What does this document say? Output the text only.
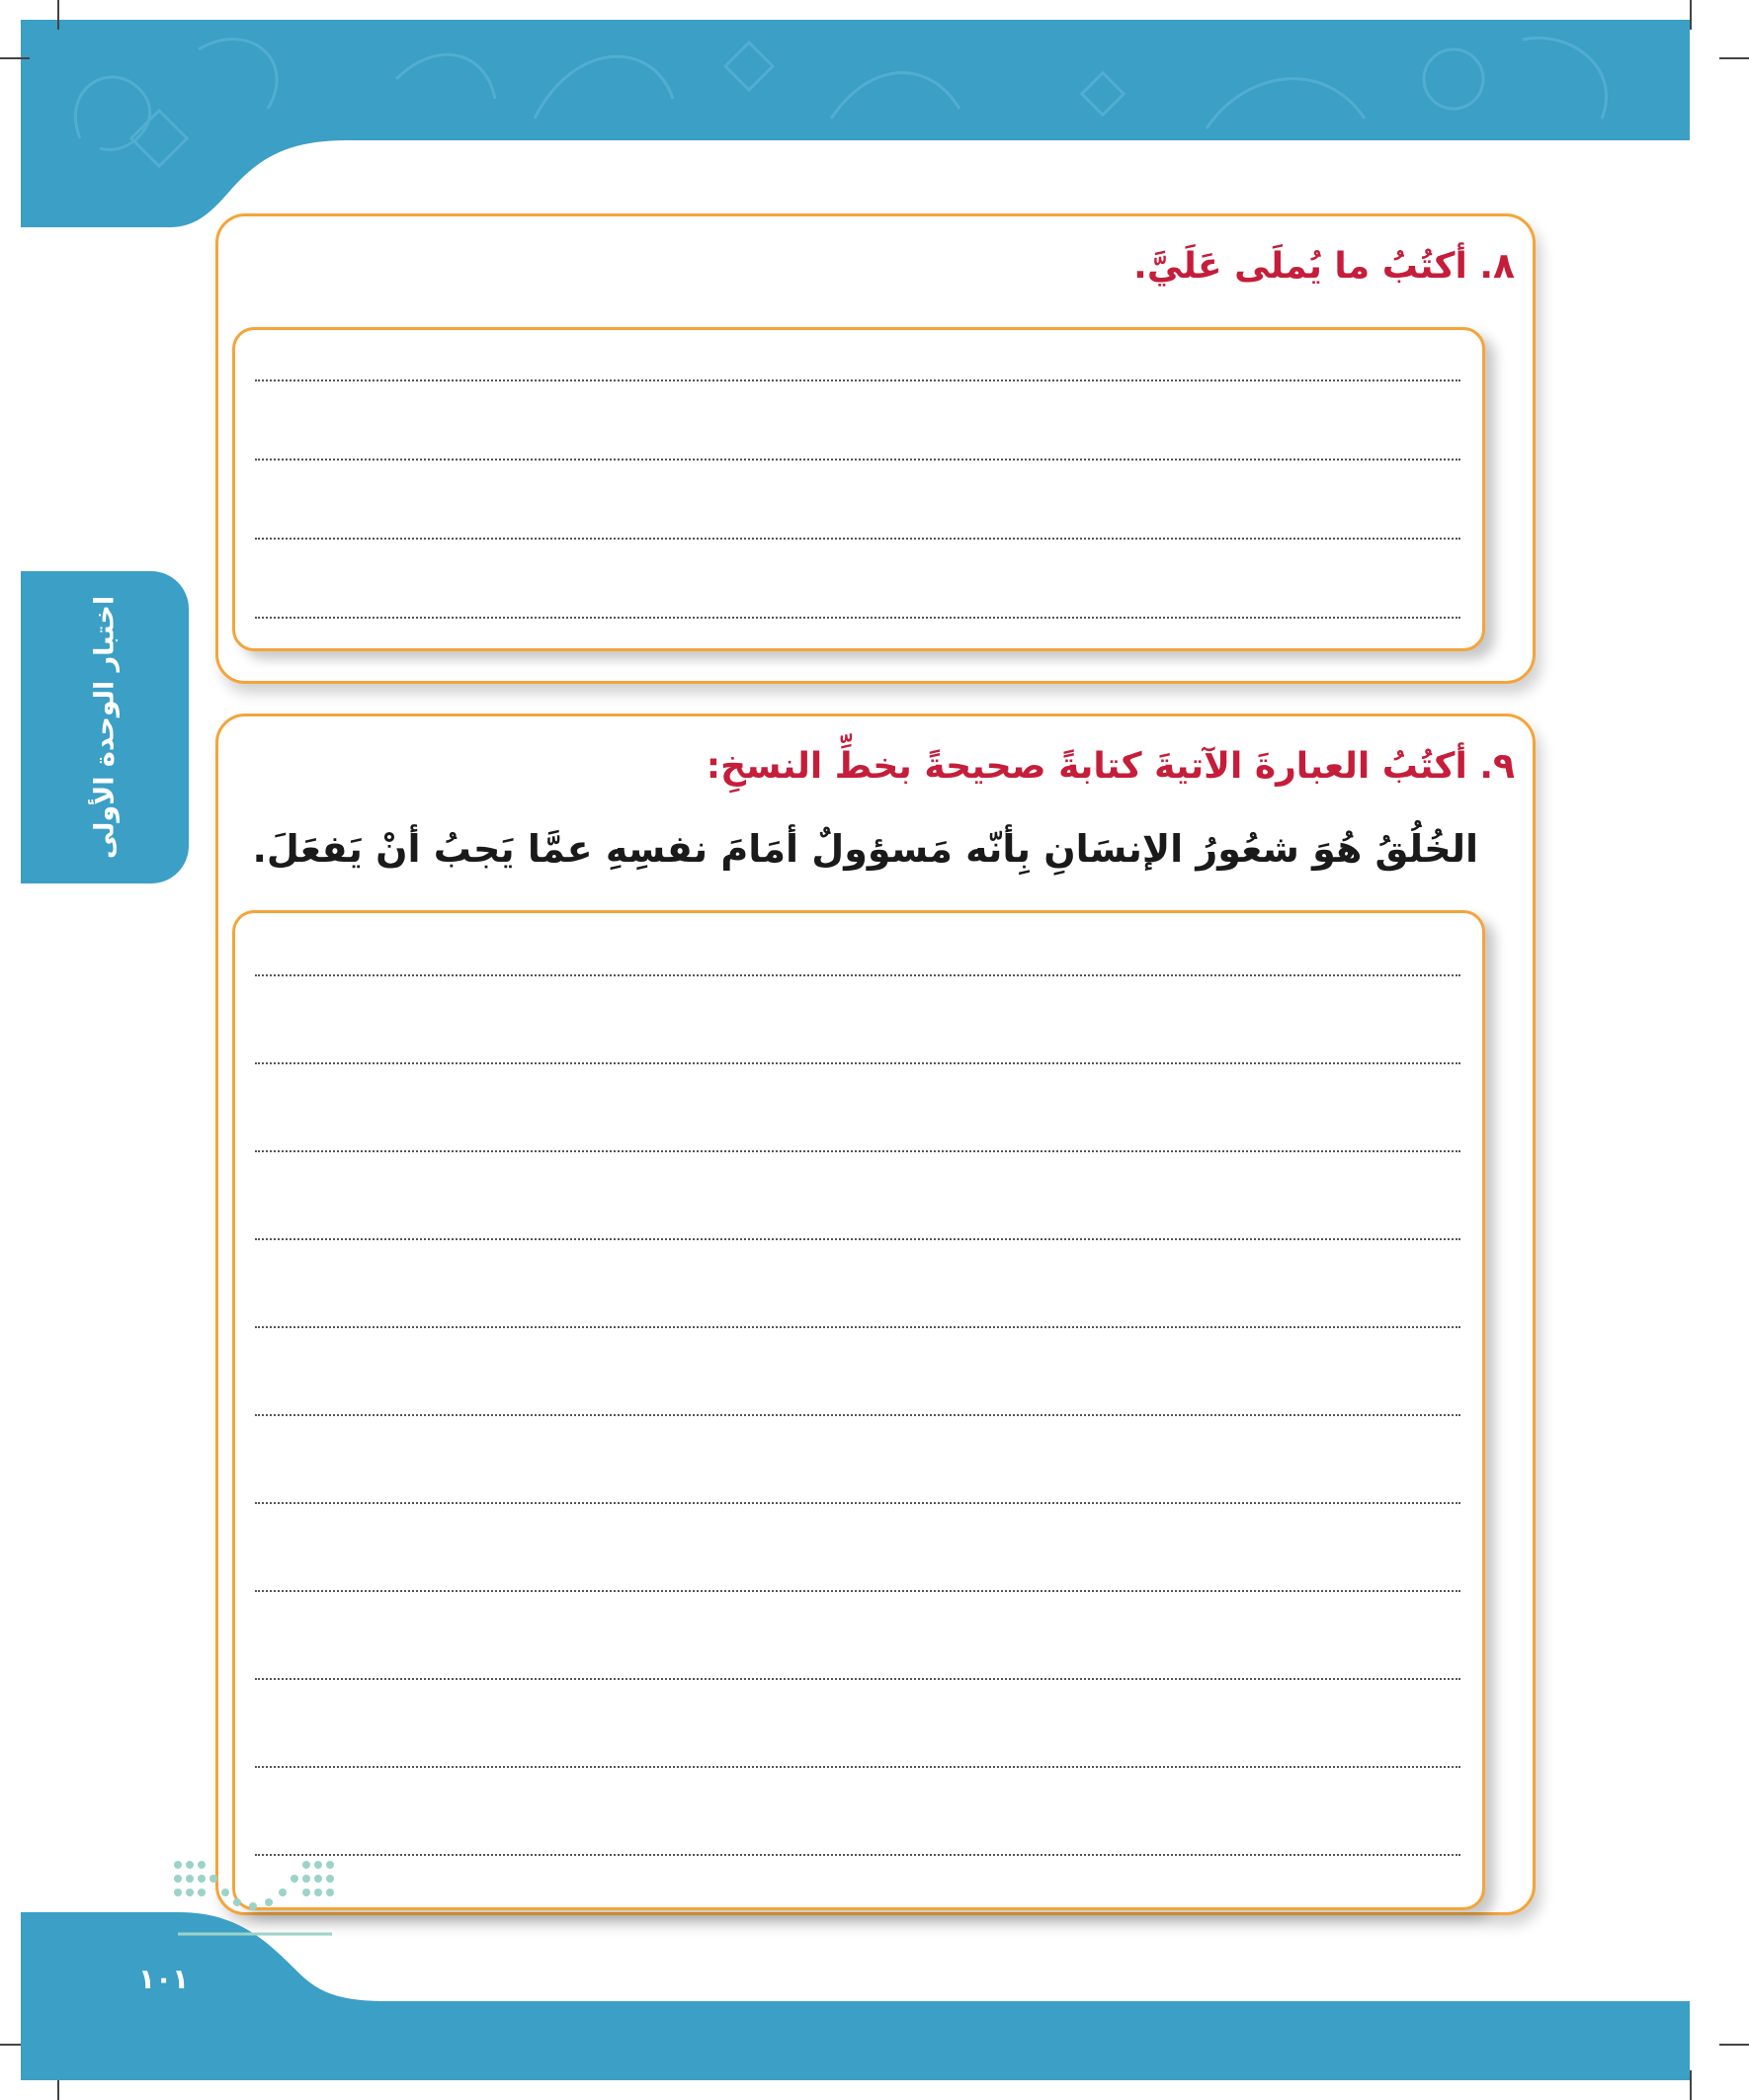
اختبار الوحدة الأولى
٨. أكتُبُ ما يُملَى عَلَيَّ.
٩. أكتُبُ العبارةَ الآتيةَ كتابةً صحيحةً بخطِّ النسخِ:
الخُلُقُ هُوَ شعُورُ الإنسَانِ بِأنّه مَسؤولٌ أمَامَ نفسِهِ عمَّا يَجبُ أنْ يَفعَلَ.
١٠١
